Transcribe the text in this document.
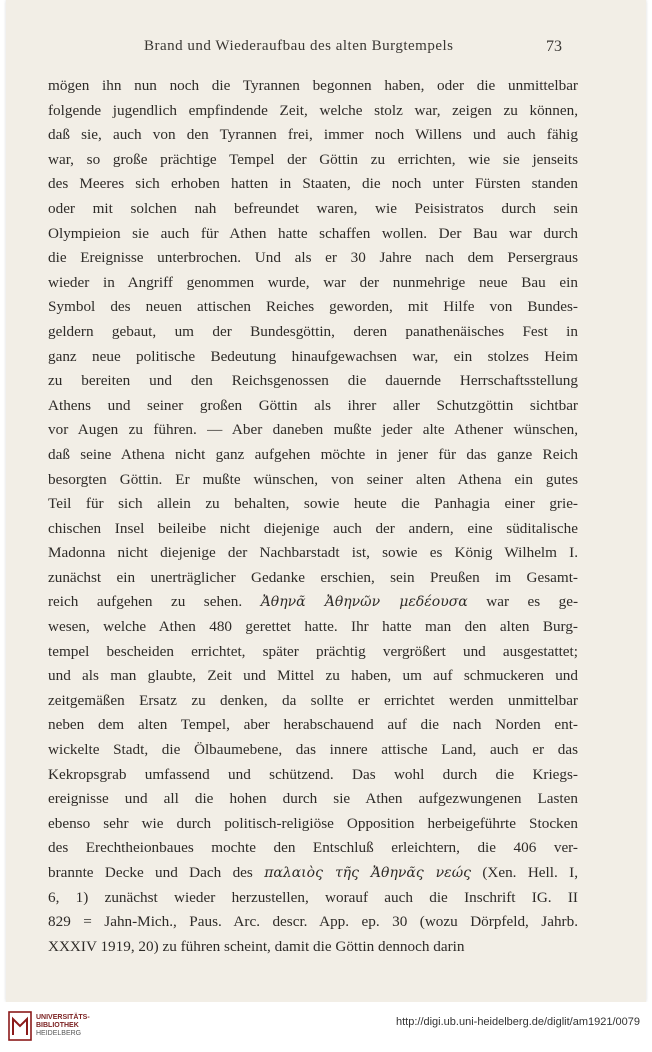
Brand und Wiederaufbau des alten Burgtempels	73
mögen ihn nun noch die Tyrannen begonnen haben, oder die unmittelbar
folgende jugendlich empfindende Zeit, welche stolz war, zeigen zu können,
daß sie, auch von den Tyrannen frei, immer noch Willens und auch fähig
war, so große prächtige Tempel der Göttin zu errichten, wie sie jenseits
des Meeres sich erhoben hatten in Staaten, die noch unter Fürsten standen
oder mit solchen nah befreundet waren, wie Peisistratos durch sein
Olympieion sie auch für Athen hatte schaffen wollen. Der Bau war durch
die Ereignisse unterbrochen. Und als er 30 Jahre nach dem Persergraus
wieder in Angriff genommen wurde, war der nunmehrige neue Bau ein
Symbol des neuen attischen Reiches geworden, mit Hilfe von Bundes-
geldern gebaut, um der Bundesgöttin, deren panathenäisches Fest in
ganz neue politische Bedeutung hinaufgewachsen war, ein stolzes Heim
zu bereiten und den Reichsgenossen die dauernde Herrschaftsstellung
Athens und seiner großen Göttin als ihrer aller Schutzgöttin sichtbar
vor Augen zu führen. — Aber daneben mußte jeder alte Athener wünschen,
daß seine Athena nicht ganz aufgehen möchte in jener für das ganze Reich
besorgten Göttin. Er mußte wünschen, von seiner alten Athena ein gutes
Teil für sich allein zu behalten, sowie heute die Panhagia einer grie-
chischen Insel beileibe nicht diejenige auch der andern, eine süditalische
Madonna nicht diejenige der Nachbarstadt ist, sowie es König Wilhelm I.
zunächst ein unerträglicher Gedanke erschien, sein Preußen im Gesamt-
reich aufgehen zu sehen. Ἀθηνᾶ Ἀθηνῶν μεδέουσα war es ge-
wesen, welche Athen 480 gerettet hatte. Ihr hatte man den alten Burg-
tempel bescheiden errichtet, später prächtig vergrößert und ausgestattet;
und als man glaubte, Zeit und Mittel zu haben, um auf schmuckeren und
zeitgemäßen Ersatz zu denken, da sollte er errichtet werden unmittelbar
neben dem alten Tempel, aber herabschauend auf die nach Norden ent-
wickelte Stadt, die Ölbaumebene, das innere attische Land, auch er das
Kekropsgrab umfassend und schützend. Das wohl durch die Kriegs-
ereignisse und all die hohen durch sie Athen aufgezwungenen Lasten
ebenso sehr wie durch politisch-religiöse Opposition herbeigeführte Stocken
des Erechtheionbaues mochte den Entschluß erleichtern, die 406 ver-
brannte Decke und Dach des παλαιὸς τῆς Ἀθηνᾶς νεώς (Xen. Hell. I,
6, 1) zunächst wieder herzustellen, worauf auch die Inschrift IG. II
829 = Jahn-Mich., Paus. Arc. descr. App. ep. 30 (wozu Dörpfeld, Jahrb.
XXXIV 1919, 20) zu führen scheint, damit die Göttin dennoch darin
UNIVERSITÄTS-
BIBLIOTHEK
HEIDELBERG
http://digi.ub.uni-heidelberg.de/diglit/am1921/0079
